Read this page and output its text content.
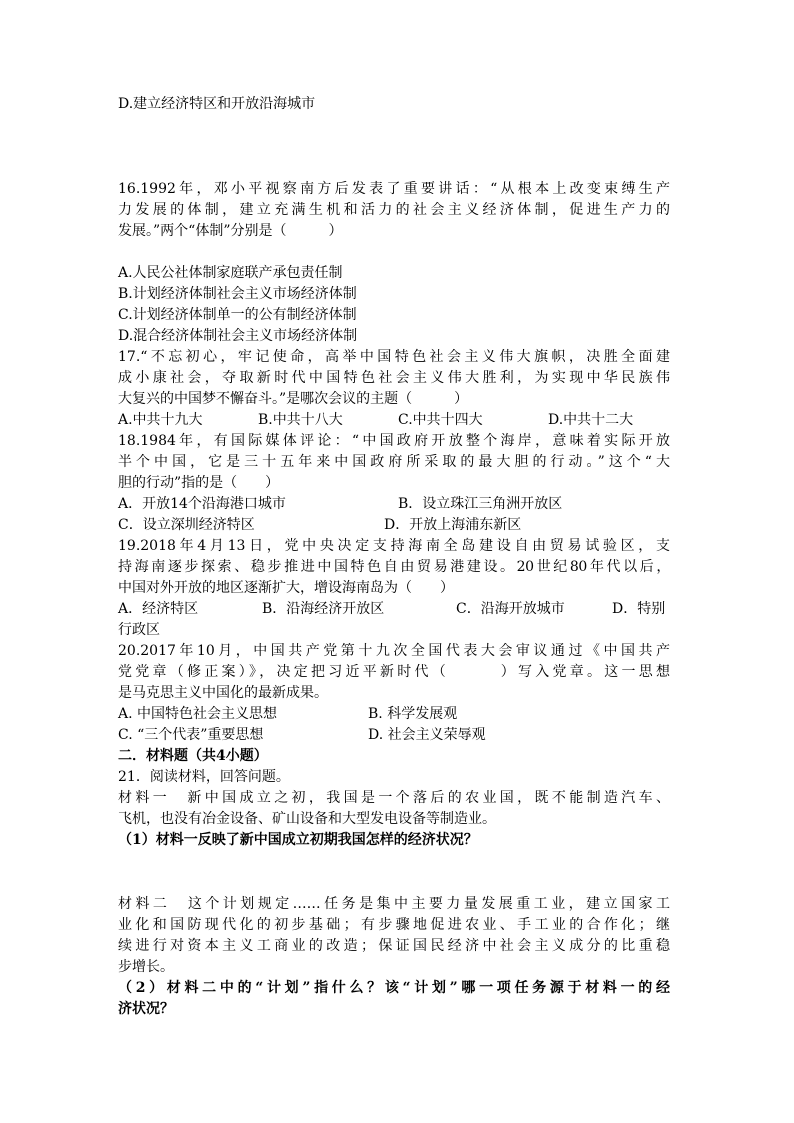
D.建立经济特区和开放沿海城市
16.1992年，邓小平视察南方后发表了重要讲话：“从根本上改变束缚生产
力发展的体制，建立充满生机和活力的社会主义经济体制，促进生产力的
发展。”两个“体制”分别是（　　　）
A.人民公社体制家庭联产承包责任制
B.计划经济体制社会主义市场经济体制
C.计划经济体制单一的公有制经济体制
D.混合经济体制社会主义市场经济体制
17.“不忘初心，牢记使命，高举中国特色社会主义伟大旗帜，决胜全面建
成小康社会，夺取新时代中国特色社会主义伟大胜利，为实现中华民族伟
大复兴的中国梦不懈奋斗。”是哪次会议的主题（　　　）
A.中共十九大	B.中共十八大	C.中共十四大	D.中共十二大
18.1984年，有国际媒体评论：“中国政府开放整个海岸，意味着实际开放
半个中国，它是三十五年来中国政府所采取的最大胆的行动。”这个“大
胆的行动”指的是（　　）
A．开放14个沿海港口城市	B．设立珠江三角洲开放区
C．设立深圳经济特区	D．开放上海浦东新区
19.2018年4月13日，党中央决定支持海南全岛建设自由贸易试验区，支
持海南逐步探索、稳步推进中国特色自由贸易港建设。20世纪80年代以后，
中国对外开放的地区逐渐扩大，增设海南岛为（　　）
A．经济特区	B．沿海经济开放区	C．沿海开放城市	D．特别
行政区
20.2017年10月，中国共产党第十九次全国代表大会审议通过《中国共产
党党章（修正案）》，决定把习近平新时代（　　　）写入党章。这一思想
是马克思主义中国化的最新成果。
A. 中国特色社会主义思想	B. 科学发展观
C. “三个代表”重要思想	D. 社会主义荣辱观
二．材料题（共4小题）
21．阅读材料，回答问题。
材料一　新中国成立之初，我国是一个落后的农业国，既不能制造汽车、
飞机，也没有冶金设备、矿山设备和大型发电设备等制造业。
（1）材料一反映了新中国成立初期我国怎样的经济状况？
材料二　这个计划规定……任务是集中主要力量发展重工业，建立国家工
业化和国防现代化的初步基础；有步骤地促进农业、手工业的合作化；继
续进行对资本主义工商业的改造；保证国民经济中社会主义成分的比重稳
步增长。
（2）材料二中的“计划”指什么？该“计划”哪一项任务源于材料一的经
济状况？
